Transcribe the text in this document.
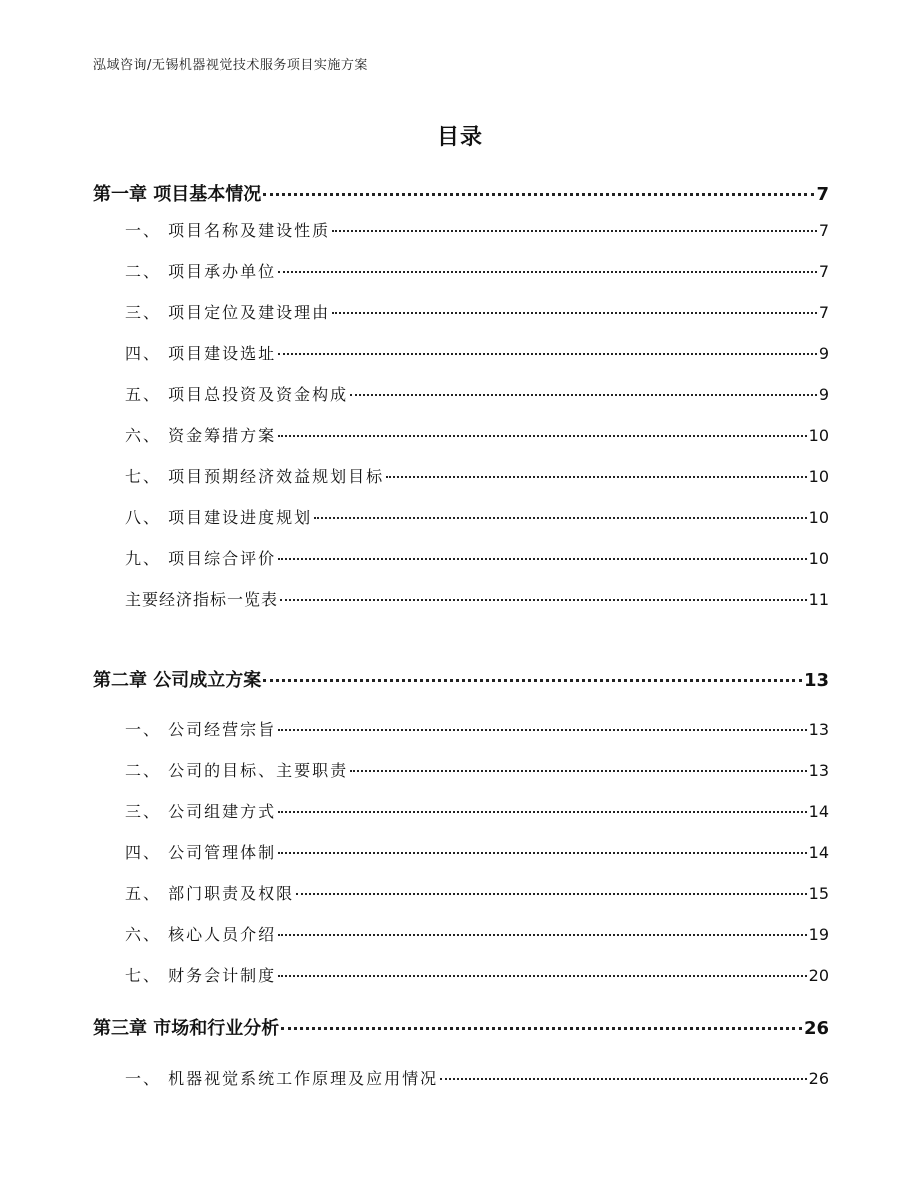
泓域咨询/无锡机器视觉技术服务项目实施方案
目录
第一章 项目基本情况	7
一、 项目名称及建设性质	7
二、 项目承办单位	7
三、 项目定位及建设理由	7
四、 项目建设选址	9
五、 项目总投资及资金构成	9
六、 资金筹措方案	10
七、 项目预期经济效益规划目标	10
八、 项目建设进度规划	10
九、 项目综合评价	10
主要经济指标一览表	11
第二章 公司成立方案	13
一、 公司经营宗旨	13
二、 公司的目标、主要职责	13
三、 公司组建方式	14
四、 公司管理体制	14
五、 部门职责及权限	15
六、 核心人员介绍	19
七、 财务会计制度	20
第三章 市场和行业分析	26
一、 机器视觉系统工作原理及应用情况	26
